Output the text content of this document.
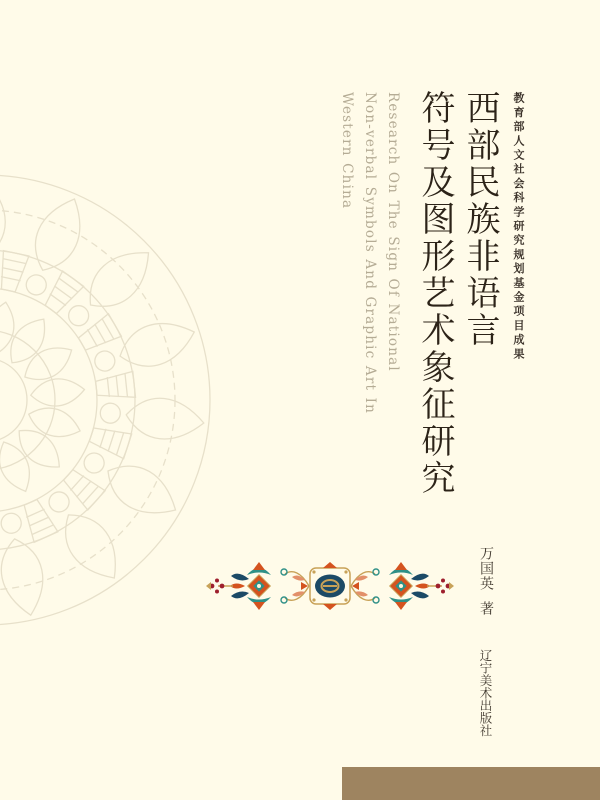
教育部人文社会科学研究规划基金项目成果
西部民族非语言
符号及图形艺术象征研究
Research On The Sign Of National
Non-verbal Symbols And Graphic Art In
Western China
万国英著
辽宁美术出版社
